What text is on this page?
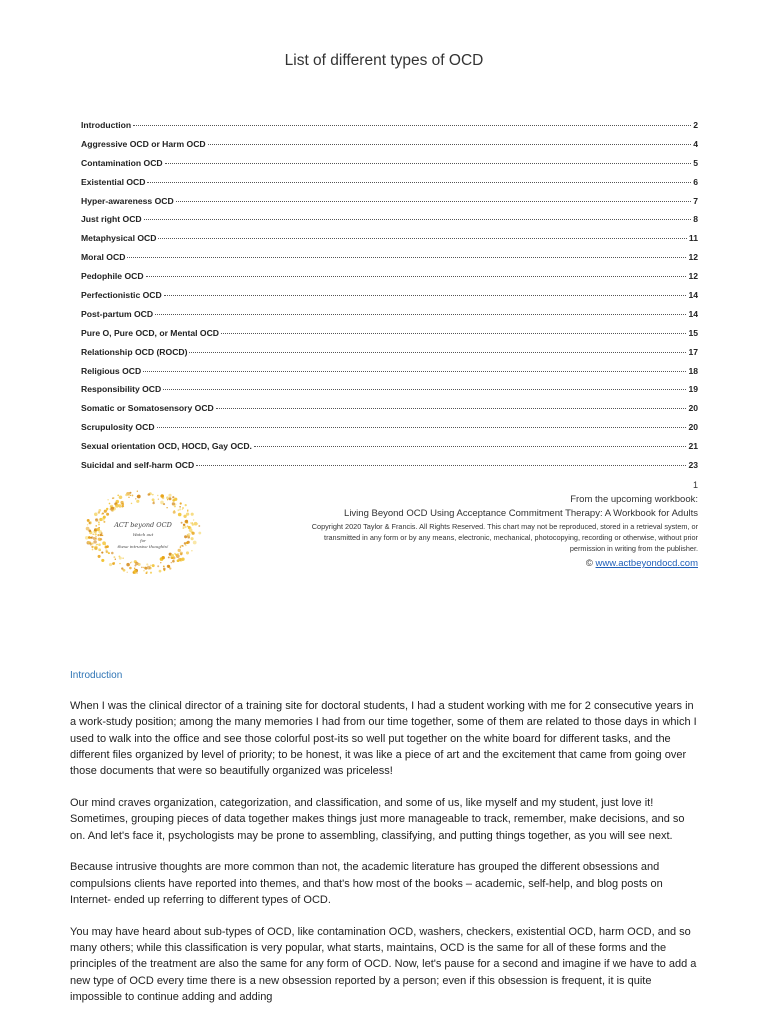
List of different types of OCD
Introduction	2
Aggressive OCD or Harm OCD	4
Contamination OCD	5
Existential OCD	6
Hyper-awareness OCD	7
Just right OCD	8
Metaphysical OCD	11
Moral OCD	12
Pedophile OCD	12
Perfectionistic OCD	14
Post-partum OCD	14
Pure O, Pure OCD, or Mental OCD	15
Relationship OCD (ROCD)	17
Religious OCD	18
Responsibility OCD	19
Somatic or Somatosensory OCD	20
Scrupulosity OCD	20
Sexual orientation OCD, HOCD, Gay OCD.	21
Suicidal and self-harm OCD	23
1
ACT beyond OCD
Watch out
for
these intrusive thoughts!
From the upcoming workbook:
Living Beyond OCD Using Acceptance Commitment Therapy: A Workbook for Adults
Copyright 2020 Taylor & Francis. All Rights Reserved. This chart may not be reproduced, stored in a retrieval system, or
transmitted in any form or by any means, electronic, mechanical, photocopying, recording or otherwise, without prior
permission in writing from the publisher.
© www.actbeyondocd.com
Introduction

When I was the clinical director of a training site for doctoral students, I had a student working with me for 2 consecutive years in a work-study position; among the many memories I had from our time together, some of them are related to those days in which I used to walk into the office and see those colorful post-its so well put together on the white board for different tasks, and the different files organized by level of priority; to be honest, it was like a piece of art and the excitement that came from going over those documents that were so beautifully organized was priceless!

Our mind craves organization, categorization, and classification, and some of us, like myself and my student, just love it! Sometimes, grouping pieces of data together makes things just more manageable to track, remember, make decisions, and so on. And let's face it, psychologists may be prone to assembling, classifying, and putting things together, as you will see next.

Because intrusive thoughts are more common than not, the academic literature has grouped the different obsessions and compulsions clients have reported into themes, and that's how most of the books – academic, self-help, and blog posts on Internet- ended up referring to different types of OCD.

You may have heard about sub-types of OCD, like contamination OCD, washers, checkers, existential OCD, harm OCD, and so many others; while this classification is very popular, what starts, maintains, OCD is the same for all of these forms and the principles of the treatment are also the same for any form of OCD. Now, let's pause for a second and imagine if we have to add a new type of OCD every time there is a new obsession reported by a person; even if this obsession is frequent, it is quite impossible to continue adding and adding
